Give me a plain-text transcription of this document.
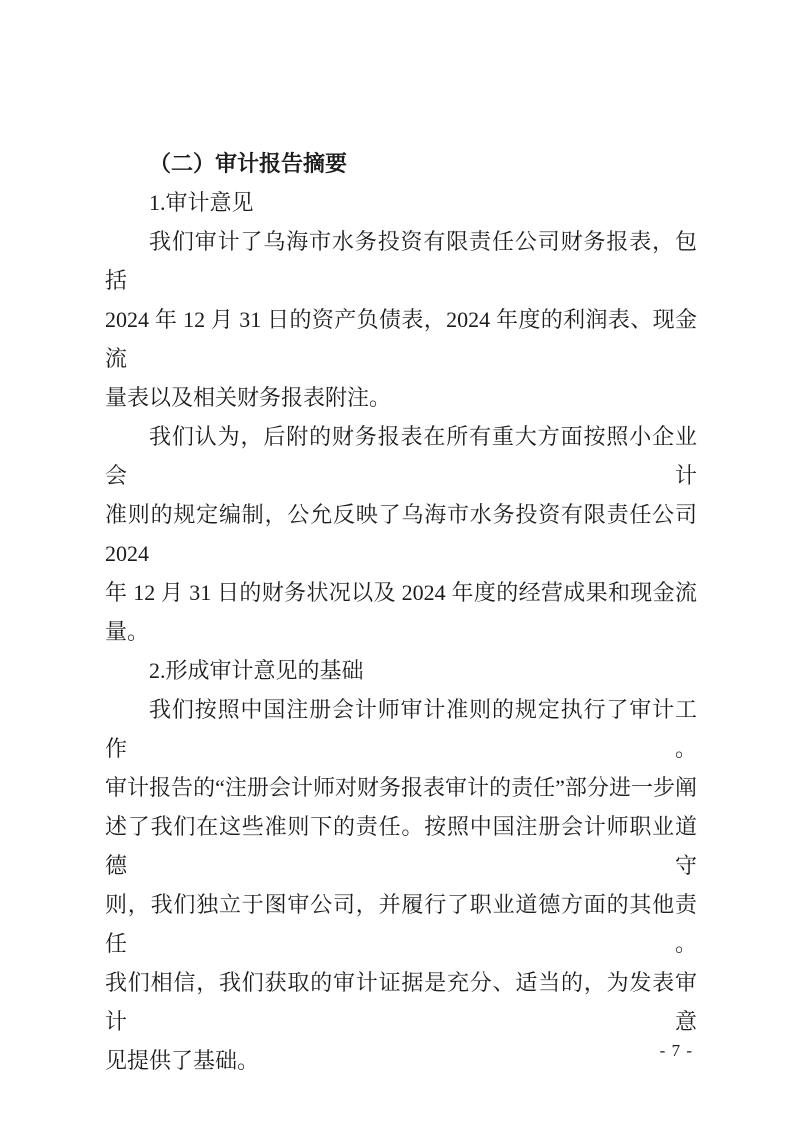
（二）审计报告摘要
1.审计意见
我们审计了乌海市水务投资有限责任公司财务报表，包括
2024 年 12 月 31 日的资产负债表，2024 年度的利润表、现金流
量表以及相关财务报表附注。
我们认为，后附的财务报表在所有重大方面按照小企业会计
准则的规定编制，公允反映了乌海市水务投资有限责任公司 2024
年 12 月 31 日的财务状况以及 2024 年度的经营成果和现金流量。
2.形成审计意见的基础
我们按照中国注册会计师审计准则的规定执行了审计工作。
审计报告的“注册会计师对财务报表审计的责任”部分进一步阐
述了我们在这些准则下的责任。按照中国注册会计师职业道德守
则，我们独立于图审公司，并履行了职业道德方面的其他责任。
我们相信，我们获取的审计证据是充分、适当的，为发表审计意
见提供了基础。	- 7 -
